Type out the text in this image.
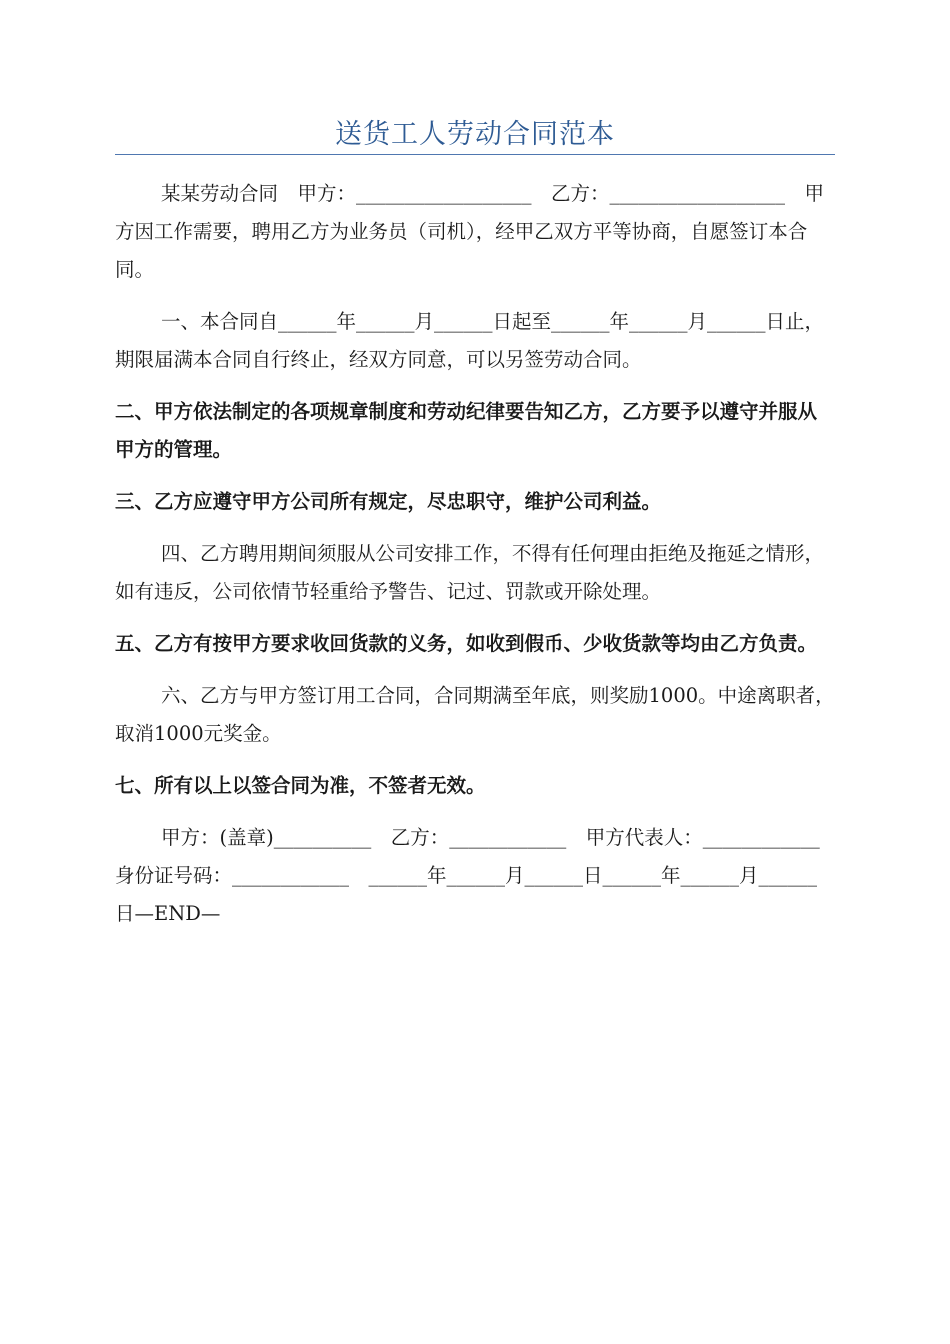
送货工人劳动合同范本

某某劳动合同　甲方：__________________　乙方：__________________　甲方因工作需要，聘用乙方为业务员（司机），经甲乙双方平等协商，自愿签订本合同。

一、本合同自______年______月______日起至______年______月______日止，期限届满本合同自行终止，经双方同意，可以另签劳动合同。

二、甲方依法制定的各项规章制度和劳动纪律要告知乙方，乙方要予以遵守并服从甲方的管理。

三、乙方应遵守甲方公司所有规定，尽忠职守，维护公司利益。

四、乙方聘用期间须服从公司安排工作，不得有任何理由拒绝及拖延之情形，如有违反，公司依情节轻重给予警告、记过、罚款或开除处理。

五、乙方有按甲方要求收回货款的义务，如收到假币、少收货款等均由乙方负责。

六、乙方与甲方签订用工合同，合同期满至年底，则奖励1000。中途离职者，取消1000元奖金。

七、所有以上以签合同为准，不签者无效。

甲方：(盖章)__________　乙方：____________　甲方代表人：____________　身份证号码：____________　______年______月______日______年______月______日—END—
